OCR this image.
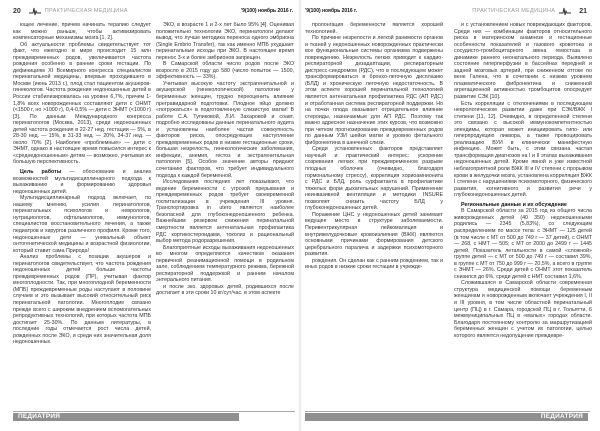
20	ПРАКТИЧЕСКАЯ МЕДИЦИНА	'9(100) ноябрь 2016 г.

ющее лечение, причем начинать терапию следует как можно раньше, чтобы активизировать компенсаторные механизмы мозга [1, 2].

Об актуальности проблемы свидетельствует тот факт, что ежегодно в мире происходит 15 млн преждевременных родов, увеличивается частота рождения особенно в ранние сроки гестации. По дефинициям XI Всемирного конгресса специалистов перинатальной медицины, впервые проходившего в Москве (июнь 2013 г.), плод стал пациентом акушеров-гинекологов. Частота рождения недоношенных детей в России стабилизировалась на уровне 6,7%, причем 1-1,8% всех новорожденных составляют дети с ОНМТ (<1500 г, но >1000 г), 0,4-0,5% — дети с ЭНМТ (<1000 г) [3]. По данным Международного конгресса перинатологов (Москва, 2013), среди недоношенных детей частота рождения в 22-27 нед. гестации — 5%, в 28-30 нед. — 15%, в 31-33 нед. — 20%, 34-37 нед. — около 70% [2]. Наиболее «проблемные» — дети с ЭНМТ, однако в настоящее время повысился интерес к «среднедоношенным» детям — возможно, учитывая их большую перспективность.

Цель работы — обоснование и анализ возможностей мультидисциплинарного подхода к выхаживанию и формированию здоровья недоношенных детей.

Мультидисциплинарный подход включает, по нашему мнению, усилия перинатологов, перинатальных психологов и неврологов, нутрициологов, офтальмологов, иммунологов, специалистов восстановительного лечения, а также педиатров и хирургов различного профиля. Кроме того, недоношенные дети — уникальный объект онтогенетической медицины и возрастной физиологии, который ставит сама Природа!

Анализ проблемы с позиции акушеров и перинатологов свидетельствует, что частота рождения недоношенных детей больше частоты преждевременных родов (ПР), учитывая фактор многоплодности. Так, при многоплодной беременности (МПБ) преждевременные роды наступают в половине случаев и это вызывает высокий относительный риск перинатальной патологии. Многоплодие связано прежде всего с широким внедрением вспомогательных репродуктивных технологий, при которых частота МПБ достигает 25-30%. По данным литературы, в последние годы отмечается рост числа детей, рожденных после ЭКО, и среди них значительная доля недоношенных.

ЭКО, в возрасте 1 и 2-х лет было 95% [4]. Оценивая положительно технологии ЭКО, перинатологи делают вывод, что лучше методика переноса одного эмбриона (Single Embrio Transfer), так как именно МПБ ухудшает перинатальные исходы при ЭКО. В настоящее время перенос 3-х и более эмбрионов запрещен.

В Самарской области число родов после ЭКО возросло в 2015 году до 580 (число попыток — 1500, эффективность — 33%).

Учитывая высокую частоту экстрагенитальной и акушерской (гинекологической) патологии у беременных женщин, трудно переоценить влияние прегравидарной подготовки. Плодное яйцо должно «погружаться» в подготовленную слизистую матки! В работе С.А. Тупиковой, Л.И. Захаровой и соавт. подробно исследованы данные перинатального аудита и установлены наиболее частая совокупность факторов риска, опосредующих наступление преждевременных родов в низкие гестационные сроки, большая незрелость, гинекологические заболевания, инфекции, анемия, гестоз и экстрагенитальная патология [5]. Особое значение авторы придают сочетанию факторов, что требует индивидуального подхода к каждой беременной.

Исследования последних лет показывают, что ведение беременности с угрозой прерывания и преждевременных родов требует своевременной госпитализации в учреждения III уровня. Транспортировка in utero является наиболее безопасной для глубоконедоношенного ребенка. Важнейшим резервом снижения перинатальной смертности является антенатальная профилактика РДС кортикостероидами, токолиз и рациональный выбор метода родоразрешения.

Благоприятные исходы выхаживания недоношенных во многом определяются качеством оказания первичной реанимационной помощи в родильном зале, соблюдением температурного режима, бережной респираторной поддержкой и ранним началом энтерального питания.

и после эко. здоровых детей, родившихся после достигает в эти сроки 10 кг/сут/час. в этом аспекте

ПЕДИАТРИЯ
'9(100) ноябрь 2016 г.	ПРАКТИЧЕСКАЯ МЕДИЦИНА	21

пролонгация беременности является хорошей технологией.

По причине незрелости и легкой ранимости органов и тканей у недоношенных новорожденных практически все функциональные системы организма подвержены повреждению. Незрелость легких приводит к кардио-респираторной дезадаптации, респираторным дистресс-синдромом (РДС), что в последующем может трансформироваться в бронхо-легочную дисплазию (БЛД) и хроническую легочную недостаточность. В этом аспекте хорошей перинатальной технологией является антенатальная профилактика РДС (АП РДС) и отработанная система респираторной поддержки. Но на почки плода оказывает отрицательное влияние стероиды, назначаемые для АП РДС. Поэтому так важно адресное назначение этих курсов, что возможно при четком прогнозировании преждевременных родов по данным УЗИ шейки матки и уровню фетального фибронектина в шеечной слизи.

Среди установленных факторов представляет научный и практический интерес: ускорение созревания легких при преждевременном разрыве плодных оболочек (очевидно, благодаря гормональному стрессу), корреляция хориоамнионита с РДС и БЛД, роль сурфактанта в профилактике тяжелых форм дыхательных нарушений. Применение неинвазивной вентиляции и методики INSURE позволяет снизить частоту БЛД у глубоконедоношенных детей.

Поражение ЦНС у недоношенных детей занимает ведущее место в структуре заболеваемости. Перивентрикулярная лейкомаляция и внутрижелудочковые кровоизлияния (ВЖК) являются основными причинами формирования детского церебрального паралича и задержки психомоторного развития.

рождения. Он сделан как с ранним рождением, так и иных родов в низкие сроки гестации в учрежде-

и с установлением новых повреждающих факторов. Среди них — комбинации факторов относительного риска в материнском анамнезе и гестационные особенности показателей и газового кровотока и сосудисто-тромбоцитарного звена гемостаза в динамике раннего неонатального периода. Выявлено состояние гиперперфузии в бассейнах передней и задней мозговых артерий, при сниженном оттоке по вене Галена, что в сочетании с низким уровнем плазматического фибронектина и сниженной агрегационной активностью тромбоцитов опосредует развитие СЭК [10].

Есть корреляции с отклонениями в последующем неврологическом развитии даже при СЭК/ВЖК I степени [11, 12]. Очевидно, в определенной степени это связано с высокой иммунокомпетентностью эпендимы, которая может инициировать гипо- или гиперпродукцию ликвора, а также провоцировать реализацию ВУИ в клинически манифестную инфекцию. Может быть, с этим связана частая трансформация диагнозов на I и II этапах выхаживания недоношенных детей. Кроме явной и уже известной неблагоприятной роли ВЖК III и IV степени с прорывом крови в желудочки мозга, установлена корреляция ВЖК I степени с нарушениями психомоторного, физического развития, когнитивного и развития речи у глубоконедоношенных детей.

Региональные данные и их обсуждение

В Самарской области за 2015 год из общего числа живорожденных детей (40 350) недоношенными родились — 2345 (5,83%), со следующим распределением по массе тела: с ЭНМТ — 125 детей (в том числе с МТ от 500 до 749 г — 37 детей), с ОНМТ — 268, с НМТ — 505; с МТ от 2000 до 2499 г — 1445 детей. Показатель летальности в самой «сложной» группе детей — с МТ от 500 до 749 г — составил 39%, в группе с МТ от 750 до 999 г — 20,5%, а всего в группе с ЭНМТ — 26%. Среди детей с ОНМТ этот показатель снизился до 6%, среди детей с НМТ составил 1,6%.

Сложившаяся в Самарской области современная структура медицинской помощи беременным женщинам и новорожденным включает учреждения I, II и III уровня, в том числе областной перинатальный центр (ПЦ) в г. Самара, городской ПЦ в г. Тольятти, 6 межмуниципальных ПЦ в «малых» городах области. Благодаря постоянному контролю за маршрутизацией беременных женщин с учетом их патологии, целью которого является недопущение преждевре-

ПЕДИАТРИЯ
